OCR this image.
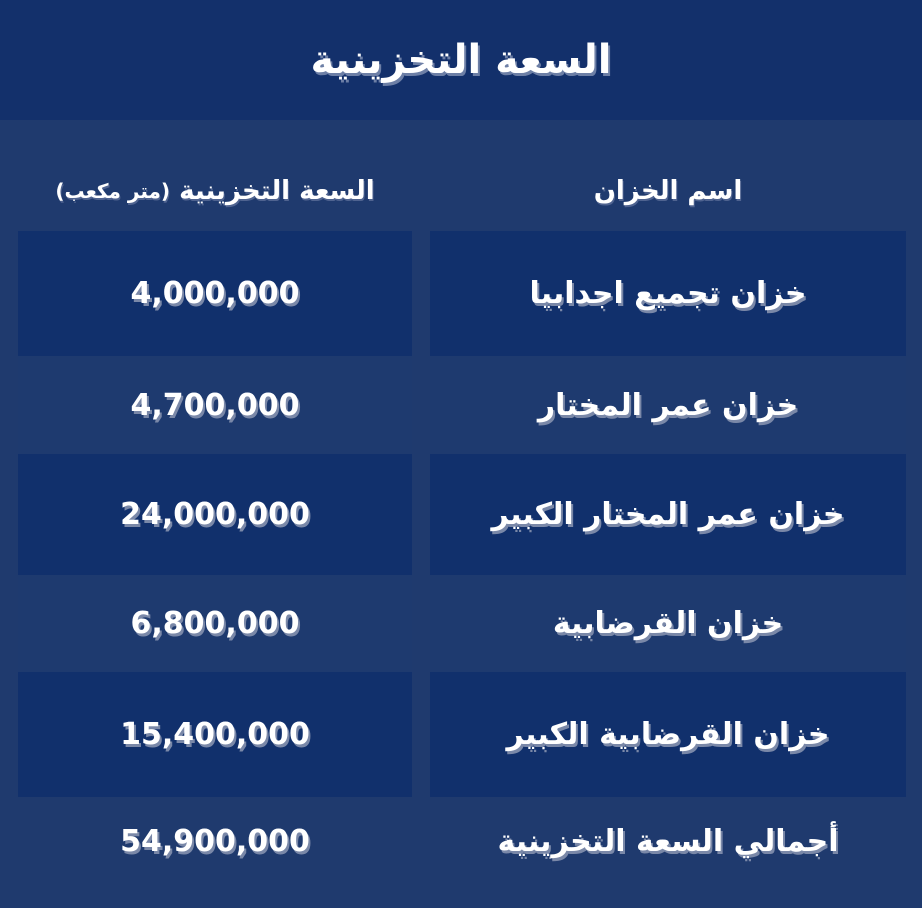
السعة التخزينية
اسم الخزان
السعة التخزينية

(متر مكعب)
خزان تجميع اجدابيا
4,000,000
خزان عمر المختار
4,700,000
خزان عمر المختار الكبير
24,000,000
خزان القرضابية
6,800,000
خزان القرضابية الكبير
15,400,000
أجمالي السعة التخزينية
54,900,000
